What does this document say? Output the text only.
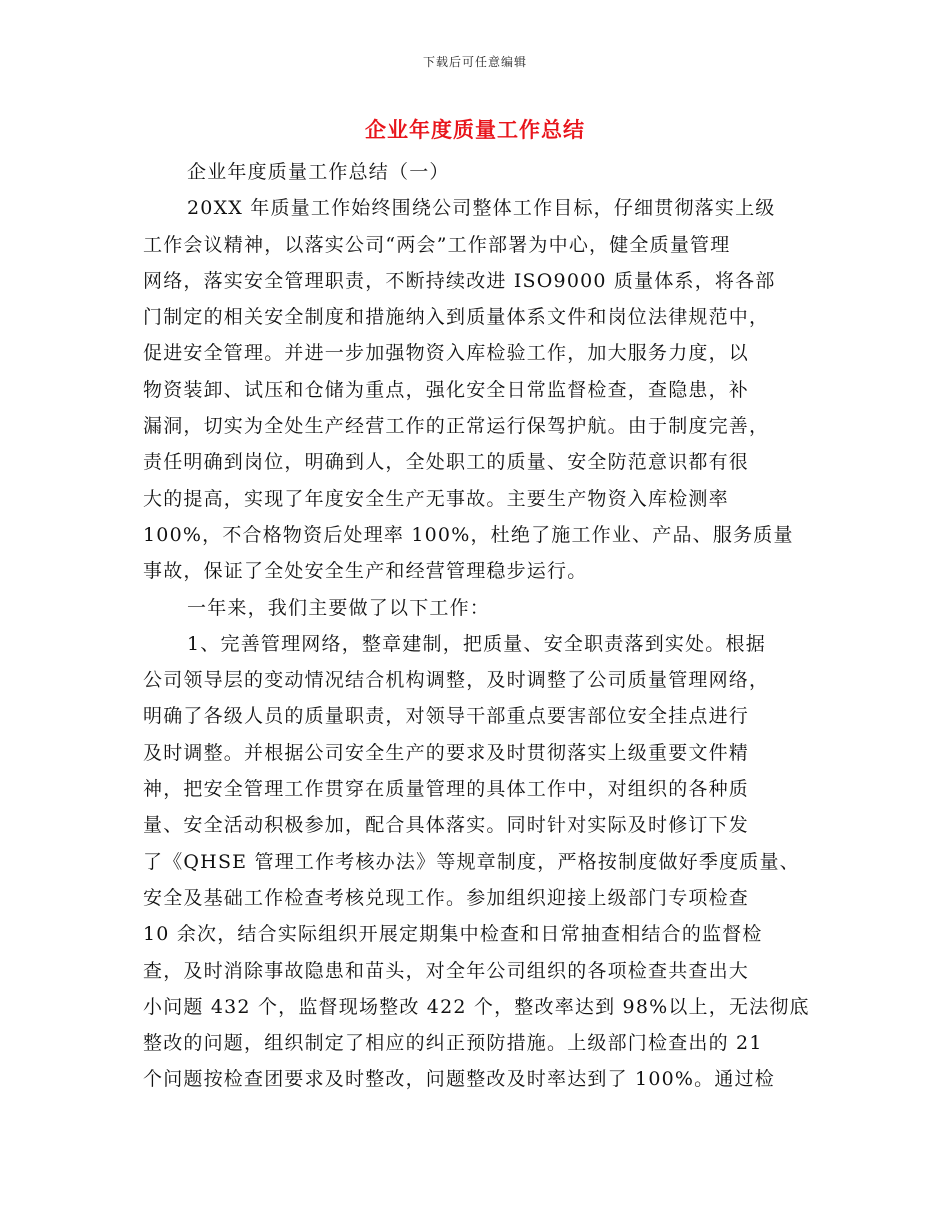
下载后可任意编辑
企业年度质量工作总结
企业年度质量工作总结（一）
20XX 年质量工作始终围绕公司整体工作目标，仔细贯彻落实上级
工作会议精神，以落实公司“两会”工作部署为中心，健全质量管理
网络，落实安全管理职责，不断持续改进 ISO9000 质量体系，将各部
门制定的相关安全制度和措施纳入到质量体系文件和岗位法律规范中，
促进安全管理。并进一步加强物资入库检验工作，加大服务力度，以
物资装卸、试压和仓储为重点，强化安全日常监督检查，查隐患，补
漏洞，切实为全处生产经营工作的正常运行保驾护航。由于制度完善，
责任明确到岗位，明确到人，全处职工的质量、安全防范意识都有很
大的提高，实现了年度安全生产无事故。主要生产物资入库检测率
100%，不合格物资后处理率 100%，杜绝了施工作业、产品、服务质量
事故，保证了全处安全生产和经营管理稳步运行。
一年来，我们主要做了以下工作：
1、完善管理网络，整章建制，把质量、安全职责落到实处。根据
公司领导层的变动情况结合机构调整，及时调整了公司质量管理网络，
明确了各级人员的质量职责，对领导干部重点要害部位安全挂点进行
及时调整。并根据公司安全生产的要求及时贯彻落实上级重要文件精
神，把安全管理工作贯穿在质量管理的具体工作中，对组织的各种质
量、安全活动积极参加，配合具体落实。同时针对实际及时修订下发
了《QHSE 管理工作考核办法》等规章制度，严格按制度做好季度质量、
安全及基础工作检查考核兑现工作。参加组织迎接上级部门专项检查
10 余次，结合实际组织开展定期集中检查和日常抽查相结合的监督检
查，及时消除事故隐患和苗头，对全年公司组织的各项检查共查出大
小问题 432 个，监督现场整改 422 个，整改率达到 98%以上，无法彻底
整改的问题，组织制定了相应的纠正预防措施。上级部门检查出的 21
个问题按检查团要求及时整改，问题整改及时率达到了 100%。通过检
